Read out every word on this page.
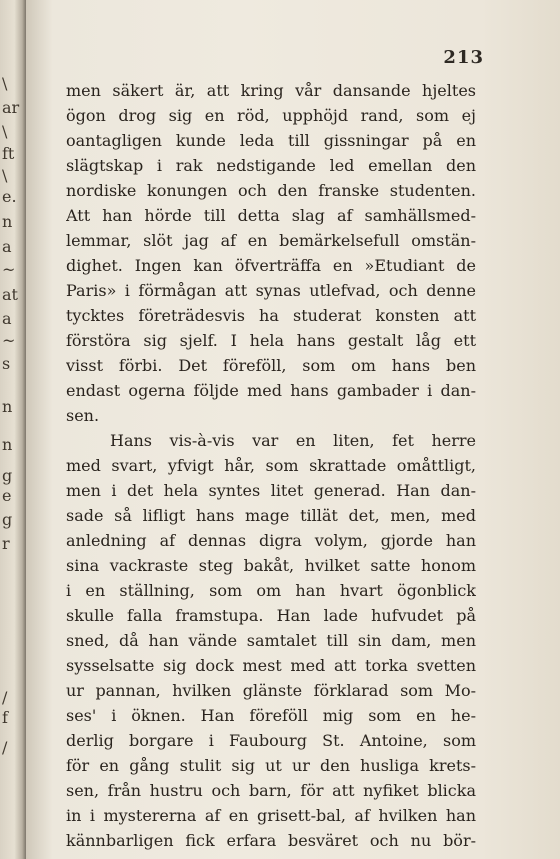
\
ar
\
ft
\
e.
n
a
~
at
a
~
s
n
n
g
e
g
r
/
f
/
213
men säkert är, att kring vår dansande hjeltes
ögon drog sig en röd, upphöjd rand, som ej
oantagligen kunde leda till gissningar på en
slägtskap i rak nedstigande led emellan den
nordiske konungen och den franske studenten.
Att han hörde till detta slag af samhällsmed-
lemmar, slöt jag af en bemärkelsefull omstän-
dighet. Ingen kan öfverträffa en »Etudiant de
Paris» i förmågan att synas utlefvad, och denne
tycktes företrädesvis ha studerat konsten att
förstöra sig sjelf. I hela hans gestalt låg ett
visst förbi. Det föreföll, som om hans ben
endast ogerna följde med hans gambader i dan-
sen.
Hans vis-à-vis var en liten, fet herre
med svart, yfvigt hår, som skrattade omåttligt,
men i det hela syntes litet generad. Han dan-
sade så lifligt hans mage tillät det, men, med
anledning af dennas digra volym, gjorde han
sina vackraste steg bakåt, hvilket satte honom
i en ställning, som om han hvart ögonblick
skulle falla framstupa. Han lade hufvudet på
sned, då han vände samtalet till sin dam, men
sysselsatte sig dock mest med att torka svetten
ur pannan, hvilken glänste förklarad som Mo-
ses' i öknen. Han föreföll mig som en he-
derlig borgare i Faubourg St. Antoine, som
för en gång stulit sig ut ur den husliga krets-
sen, från hustru och barn, för att nyfiket blicka
in i mystererna af en grisett-bal, af hvilken han
kännbarligen fick erfara besväret och nu bör-
